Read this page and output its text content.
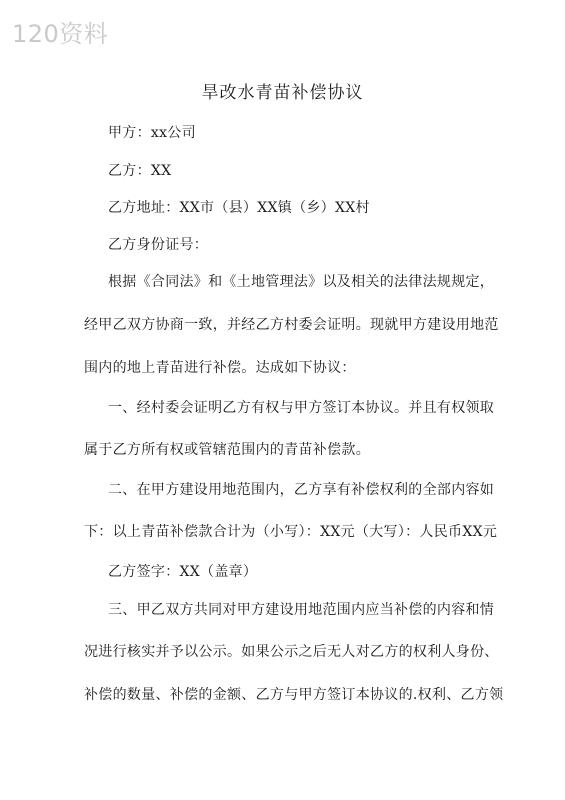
120资料
旱改水青苗补偿协议
甲方：xx公司
乙方：XX
乙方地址：XX市（县）XX镇（乡）XX村
乙方身份证号：
根据《合同法》和《土地管理法》以及相关的法律法规规定，
经甲乙双方协商一致，并经乙方村委会证明。现就甲方建设用地范
围内的地上青苗进行补偿。达成如下协议：
一、经村委会证明乙方有权与甲方签订本协议。并且有权领取
属于乙方所有权或管辖范围内的青苗补偿款。
二、在甲方建设用地范围内，乙方享有补偿权利的全部内容如
下：以上青苗补偿款合计为（小写）：XX元（大写）：人民币XX元
乙方签字：XX（盖章）
三、甲乙双方共同对甲方建设用地范围内应当补偿的内容和情
况进行核实并予以公示。如果公示之后无人对乙方的权利人身份、
补偿的数量、补偿的金额、乙方与甲方签订本协议的.权利、乙方领
